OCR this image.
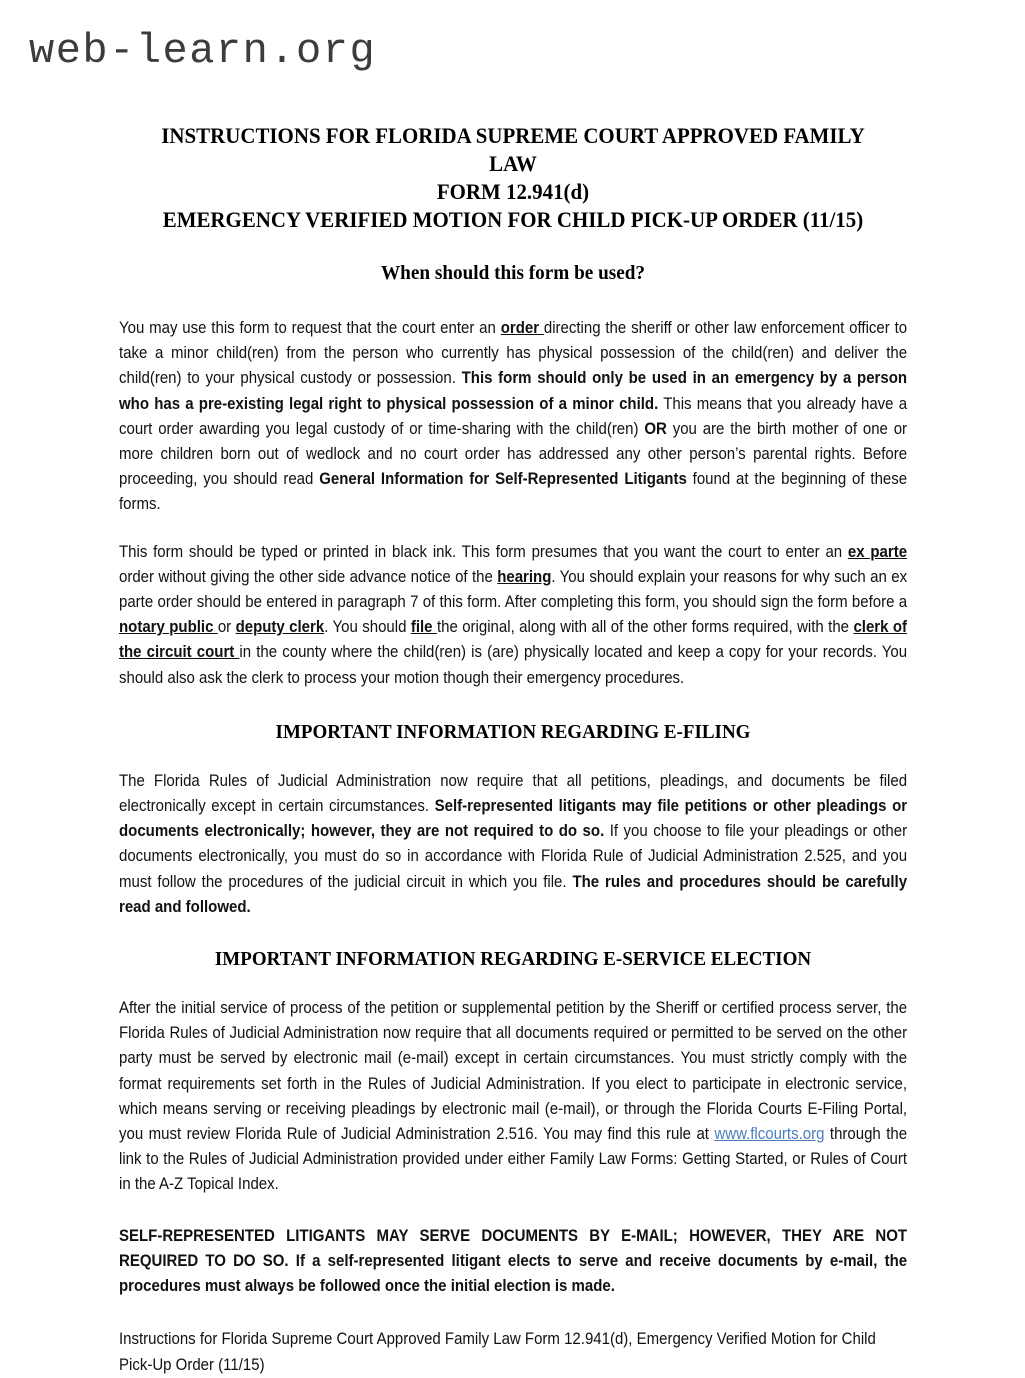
web-learn.org
INSTRUCTIONS FOR FLORIDA SUPREME COURT APPROVED FAMILY LAW
FORM 12.941(d)
EMERGENCY VERIFIED MOTION FOR CHILD PICK-UP ORDER (11/15)
When should this form be used?

You may use this form to request that the court enter an order directing the sheriff or other law enforcement officer to take a minor child(ren) from the person who currently has physical possession of the child(ren) and deliver the child(ren) to your physical custody or possession. This form should only be used in an emergency by a person who has a pre-existing legal right to physical possession of a minor child. This means that you already have a court order awarding you legal custody of or time-sharing with the child(ren) OR you are the birth mother of one or more children born out of wedlock and no court order has addressed any other person’s parental rights. Before proceeding, you should read General Information for Self-Represented Litigants found at the beginning of these forms.

This form should be typed or printed in black ink. This form presumes that you want the court to enter an ex parte order without giving the other side advance notice of the hearing. You should explain your reasons for why such an ex parte order should be entered in paragraph 7 of this form. After completing this form, you should sign the form before a notary public or deputy clerk. You should file the original, along with all of the other forms required, with the clerk of the circuit court in the county where the child(ren) is (are) physically located and keep a copy for your records. You should also ask the clerk to process your motion though their emergency procedures.

IMPORTANT INFORMATION REGARDING E-FILING

The Florida Rules of Judicial Administration now require that all petitions, pleadings, and documents be filed electronically except in certain circumstances. Self-represented litigants may file petitions or other pleadings or documents electronically; however, they are not required to do so. If you choose to file your pleadings or other documents electronically, you must do so in accordance with Florida Rule of Judicial Administration 2.525, and you must follow the procedures of the judicial circuit in which you file. The rules and procedures should be carefully read and followed.

IMPORTANT INFORMATION REGARDING E-SERVICE ELECTION

After the initial service of process of the petition or supplemental petition by the Sheriff or certified process server, the Florida Rules of Judicial Administration now require that all documents required or permitted to be served on the other party must be served by electronic mail (e-mail) except in certain circumstances. You must strictly comply with the format requirements set forth in the Rules of Judicial Administration. If you elect to participate in electronic service, which means serving or receiving pleadings by electronic mail (e-mail), or through the Florida Courts E-Filing Portal, you must review Florida Rule of Judicial Administration 2.516. You may find this rule at www.flcourts.org through the link to the Rules of Judicial Administration provided under either Family Law Forms: Getting Started, or Rules of Court in the A-Z Topical Index.

SELF-REPRESENTED LITIGANTS MAY SERVE DOCUMENTS BY E-MAIL; HOWEVER, THEY ARE NOT REQUIRED TO DO SO. If a self-represented litigant elects to serve and receive documents by e-mail, the procedures must always be followed once the initial election is made.

Instructions for Florida Supreme Court Approved Family Law Form 12.941(d), Emergency Verified Motion for Child Pick-Up Order (11/15)
